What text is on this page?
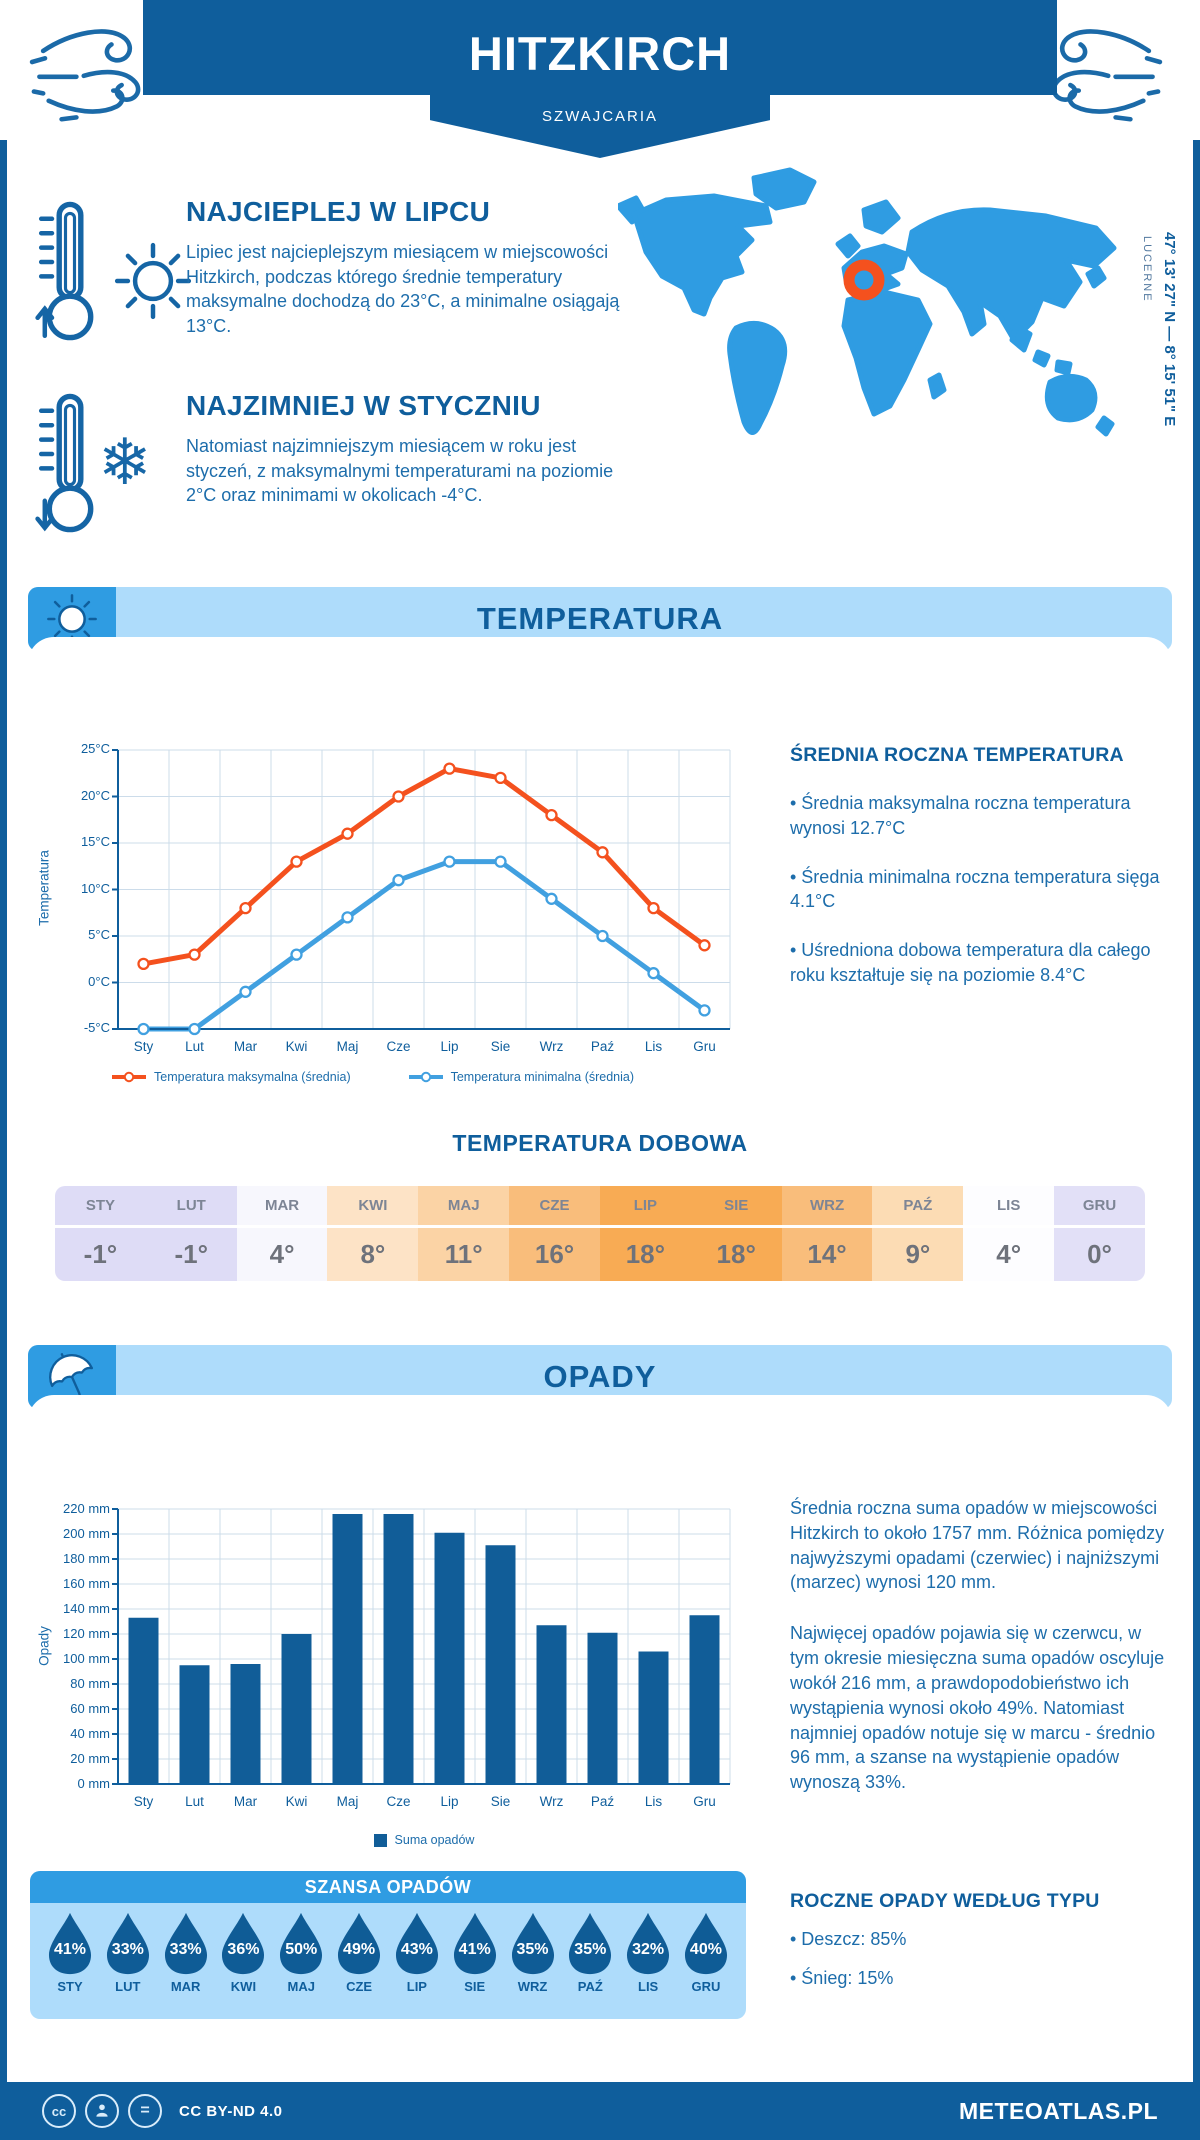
HITZKIRCH
SZWAJCARIA
NAJCIEPLEJ W LIPCU
Lipiec jest najcieplejszym miesiącem w miejscowości Hitzkirch, podczas którego średnie temperatury maksymalne dochodzą do 23°C, a minimalne osiągają 13°C.
❄
NAJZIMNIEJ W STYCZNIU
Natomiast najzimniejszym miesiącem w roku jest styczeń, z maksymalnymi temperaturami na poziomie 2°C oraz minimami w okolicach -4°C.
47° 13' 27" N — 8° 15' 51" E
LUCERNE
TEMPERATURA
Temperatura
-5°C
0°C
5°C
10°C
15°C
20°C
25°C
Sty	Lut	Mar	Kwi	Maj	Cze	Lip	Sie	Wrz	Paź	Lis	Gru
Temperatura maksymalna (średnia)	Temperatura minimalna (średnia)
ŚREDNIA ROCZNA TEMPERATURA

• Średnia maksymalna roczna temperatura wynosi 12.7°C

• Średnia minimalna roczna temperatura sięga 4.1°C

• Uśredniona dobowa temperatura dla całego roku kształtuje się na poziomie 8.4°C

TEMPERATURA DOBOWA
STY
-1°
LUT
-1°
MAR
4°
KWI
8°
MAJ
11°
CZE
16°
LIP
18°
SIE
18°
WRZ
14°
PAŹ
9°
LIS
4°
GRU
0°
OPADY
Opady
0 mm
20 mm
40 mm
60 mm
80 mm
100 mm
120 mm
140 mm
160 mm
180 mm
200 mm
220 mm
Sty	Lut	Mar	Kwi	Maj	Cze	Lip	Sie	Wrz	Paź	Lis	Gru
Suma opadów

Średnia roczna suma opadów w miejscowości Hitzkirch to około 1757 mm. Różnica pomiędzy najwyższymi opadami (czerwiec) i najniższymi (marzec) wynosi 120 mm.

Najwięcej opadów pojawia się w czerwcu, w tym okresie miesięczna suma opadów oscyluje wokół 216 mm, a prawdopodobieństwo ich wystąpienia wynosi około 49%. Natomiast najmniej opadów notuje się w marcu - średnio 96 mm, a szanse na wystąpienie opadów wynoszą 33%.

SZANSA OPADÓW
41%
STY
33%
LUT
33%
MAR
36%
KWI
50%
MAJ
49%
CZE
43%
LIP
41%
SIE
35%
WRZ
35%
PAŹ
32%
LIS
40%
GRU
ROCZNE OPADY WEDŁUG TYPU

• Deszcz: 85%

• Śnieg: 15%

cc	= CC BY-ND 4.0	METEOATLAS.PL
